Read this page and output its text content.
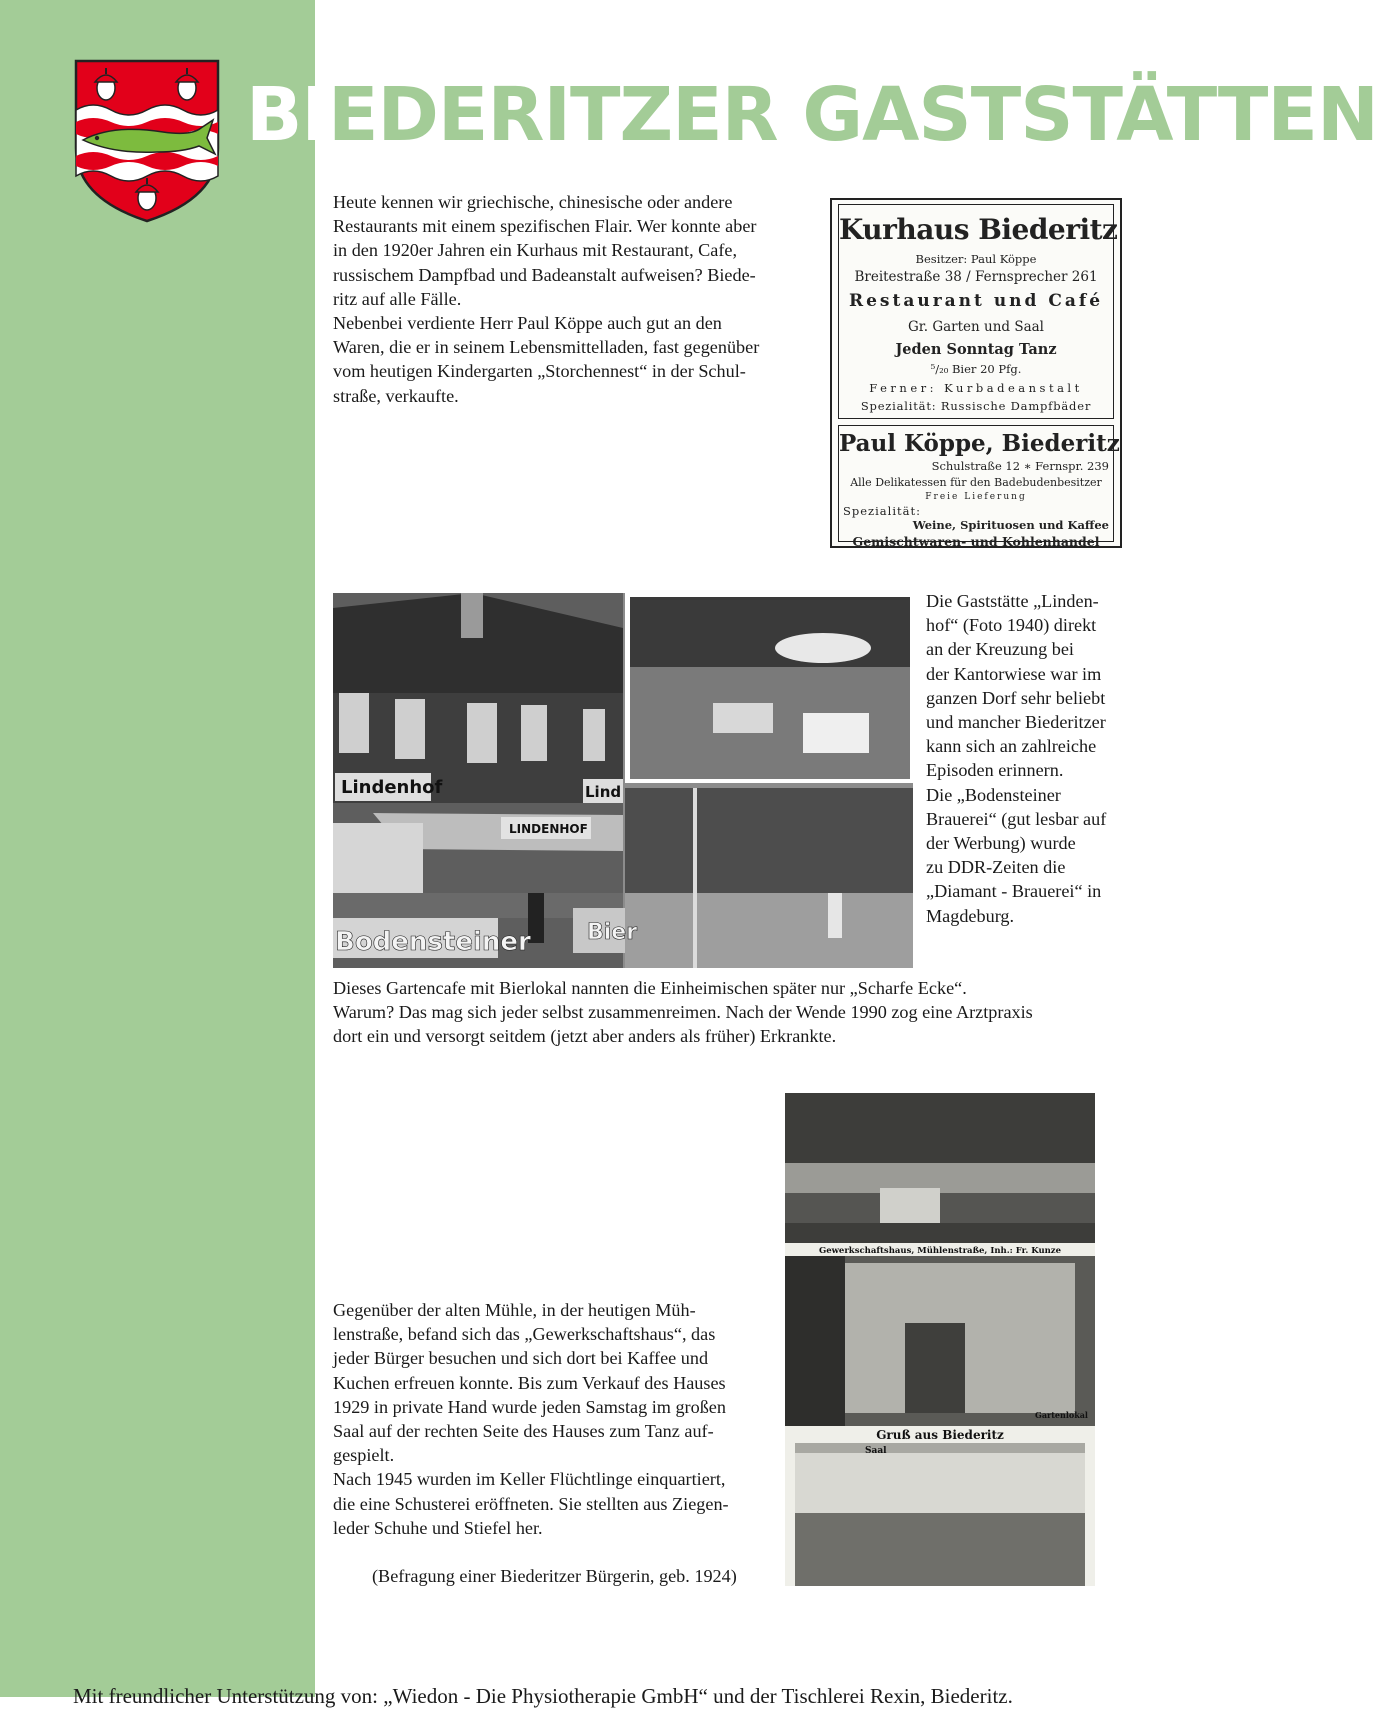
BIEDERITZER GASTSTÄTTEN

Heute kennen wir griechische, chinesische oder andere
Restaurants mit einem spezifischen Flair. Wer konnte aber
in den 1920er Jahren ein Kurhaus mit Restaurant, Cafe,
russischem Dampfbad und Badeanstalt aufweisen? Biede-
ritz auf alle Fälle.
Nebenbei verdiente Herr Paul Köppe auch gut an den
Waren, die er in seinem Lebensmittelladen, fast gegenüber
vom heutigen Kindergarten „Storchennest“ in der Schul-
straße, verkaufte.

Kurhaus Biederitz
Besitzer: Paul Köppe
Breitestraße 38 / Fernsprecher 261
Restaurant und Café
Gr. Garten und Saal
Jeden Sonntag Tanz
⁵/₂₀ Bier 20 Pfg.
Ferner: Kurbadeanstalt
Spezialität: Russische Dampfbäder
Paul Köppe, Biederitz
Schulstraße 12 ∗ Fernspr. 239
Alle Delikatessen für den Badebudenbesitzer
Freie Lieferung
Spezialität:
Weine, Spirituosen und Kaffee
Gemischtwaren- und Kohlenhandel
Lindenhof	Lind
LINDENHOF
Bodensteiner	Bier

Die Gaststätte „Linden-
hof“ (Foto 1940) direkt
an der Kreuzung bei
der Kantorwiese war im
ganzen Dorf sehr beliebt
und mancher Biederitzer
kann sich an zahlreiche
Episoden erinnern.
Die „Bodensteiner
Brauerei“ (gut lesbar auf
der Werbung) wurde
zu DDR-Zeiten die
„Diamant - Brauerei“ in
Magdeburg.

Dieses Gartencafe mit Bierlokal nannten die Einheimischen später nur „Scharfe Ecke“.
Warum? Das mag sich jeder selbst zusammenreimen. Nach der Wende 1990 zog eine Arztpraxis
dort ein und versorgt seitdem (jetzt aber anders als früher) Erkrankte.

Gewerkschaftshaus, Mühlenstraße, Inh.: Fr. Kunze
Gartenlokal
Gruß aus Biederitz
Saal

Gegenüber der alten Mühle, in der heutigen Müh-
lenstraße, befand sich das „Gewerkschaftshaus“, das
jeder Bürger besuchen und sich dort bei Kaffee und
Kuchen erfreuen konnte. Bis zum Verkauf des Hauses
1929 in private Hand wurde jeden Samstag im großen
Saal auf der rechten Seite des Hauses zum Tanz auf-
gespielt.
Nach 1945 wurden im Keller Flüchtlinge einquartiert,
die eine Schusterei eröffneten. Sie stellten aus Ziegen-
leder Schuhe und Stiefel her.

(Befragung einer Biederitzer Bürgerin, geb. 1924)

Mit freundlicher Unterstützung von: „Wiedon - Die Physiotherapie GmbH“ und der Tischlerei Rexin, Biederitz.
